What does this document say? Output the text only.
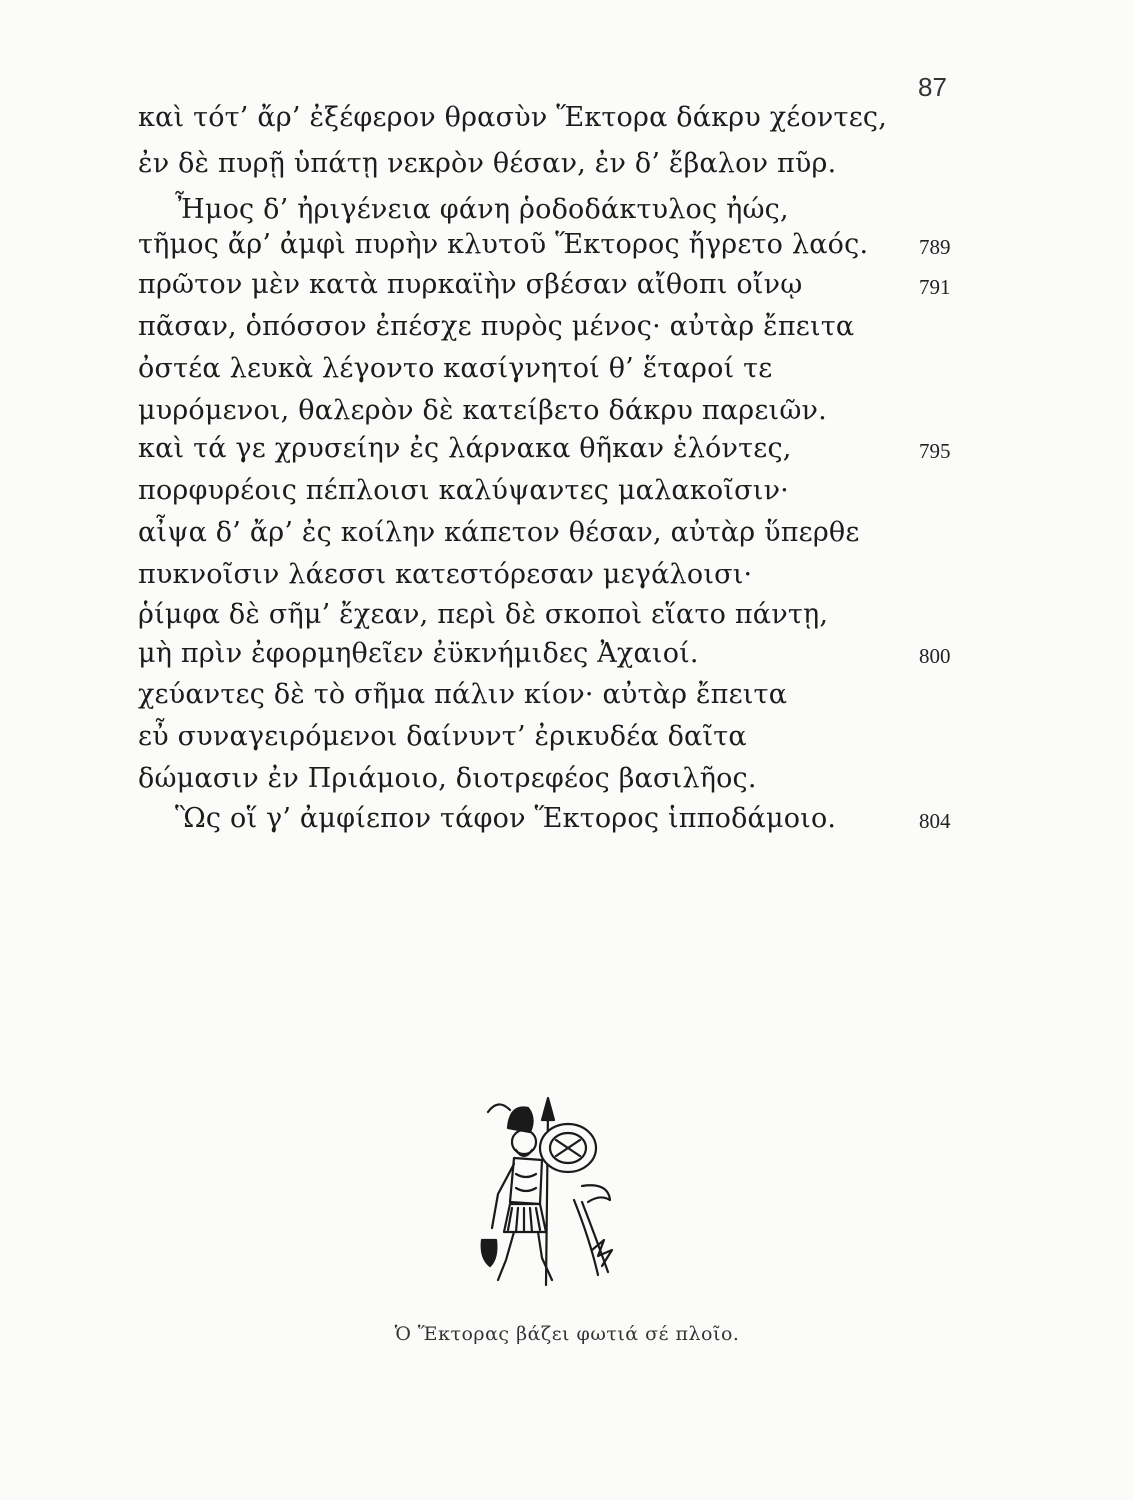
87
καὶ τότ’ ἄρ’ ἐξέφερον θρασὺν Ἕκτορα δάκρυ χέοντες,
ἐν δὲ πυρῇ ὑπάτῃ νεκρὸν θέσαν, ἐν δ’ ἔβαλον πῦρ.
Ἦμος δ’ ἠριγένεια φάνη ῥοδοδάκτυλος ἠώς,
τῆμος ἄρ’ ἀμφὶ πυρὴν κλυτοῦ Ἕκτορος ἤγρετο λαός. 789
πρῶτον μὲν κατὰ πυρκαϊὴν σβέσαν αἴθοπι οἴνῳ	791
πᾶσαν, ὁπόσσον ἐπέσχε πυρὸς μένος· αὐτὰρ ἔπειτα
ὀστέα λευκὰ λέγοντο κασίγνητοί θ’ ἕταροί τε
μυρόμενοι, θαλερὸν δὲ κατείβετο δάκρυ παρειῶν.
καὶ τά γε χρυσείην ἐς λάρνακα θῆκαν ἑλόντες,	795
πορφυρέοις πέπλοισι καλύψαντες μαλακοῖσιν·
αἶψα δ’ ἄρ’ ἐς κοίλην κάπετον θέσαν, αὐτὰρ ὕπερθε
πυκνοῖσιν λάεσσι κατεστόρεσαν μεγάλοισι·
ῥίμφα δὲ σῆμ’ ἔχεαν, περὶ δὲ σκοποὶ εἵατο πάντῃ,
μὴ πρὶν ἐφορμηθεῖεν ἐϋκνήμιδες Ἀχαιοί.	800
χεύαντες δὲ τὸ σῆμα πάλιν κίον· αὐτὰρ ἔπειτα
εὖ συναγειρόμενοι δαίνυντ’ ἐρικυδέα δαῖτα
δώμασιν ἐν Πριάμοιο, διοτρεφέος βασιλῆος.
Ὣς οἵ γ’ ἀμφίεπον τάφον Ἕκτορος ἱπποδάμοιο.	804
Ὁ Ἕκτορας βάζει φωτιά σέ πλοῖο.
